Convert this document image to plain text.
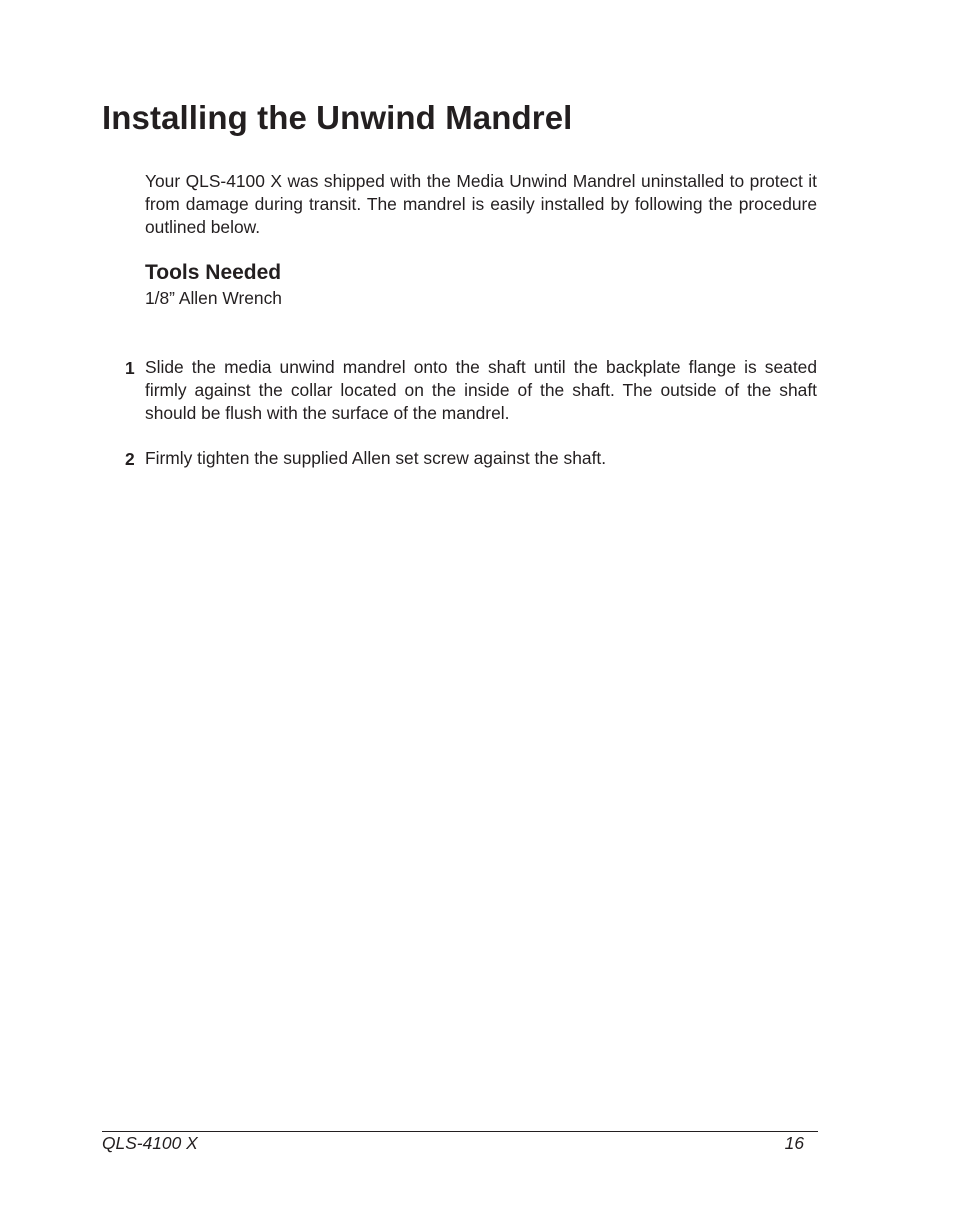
Installing the Unwind Mandrel

Your QLS-4100 X was shipped with the Media Unwind Mandrel uninstalled to protect it from damage during transit. The mandrel is easily installed by following the procedure outlined below.

Tools Needed

1/8” Allen Wrench

1 Slide the media unwind mandrel onto the shaft until the backplate flange is seated firmly against the collar located on the inside of the shaft. The outside of the shaft should be flush with the surface of the mandrel.

2 Firmly tighten the supplied Allen set screw against the shaft.

QLS-4100 X	16
